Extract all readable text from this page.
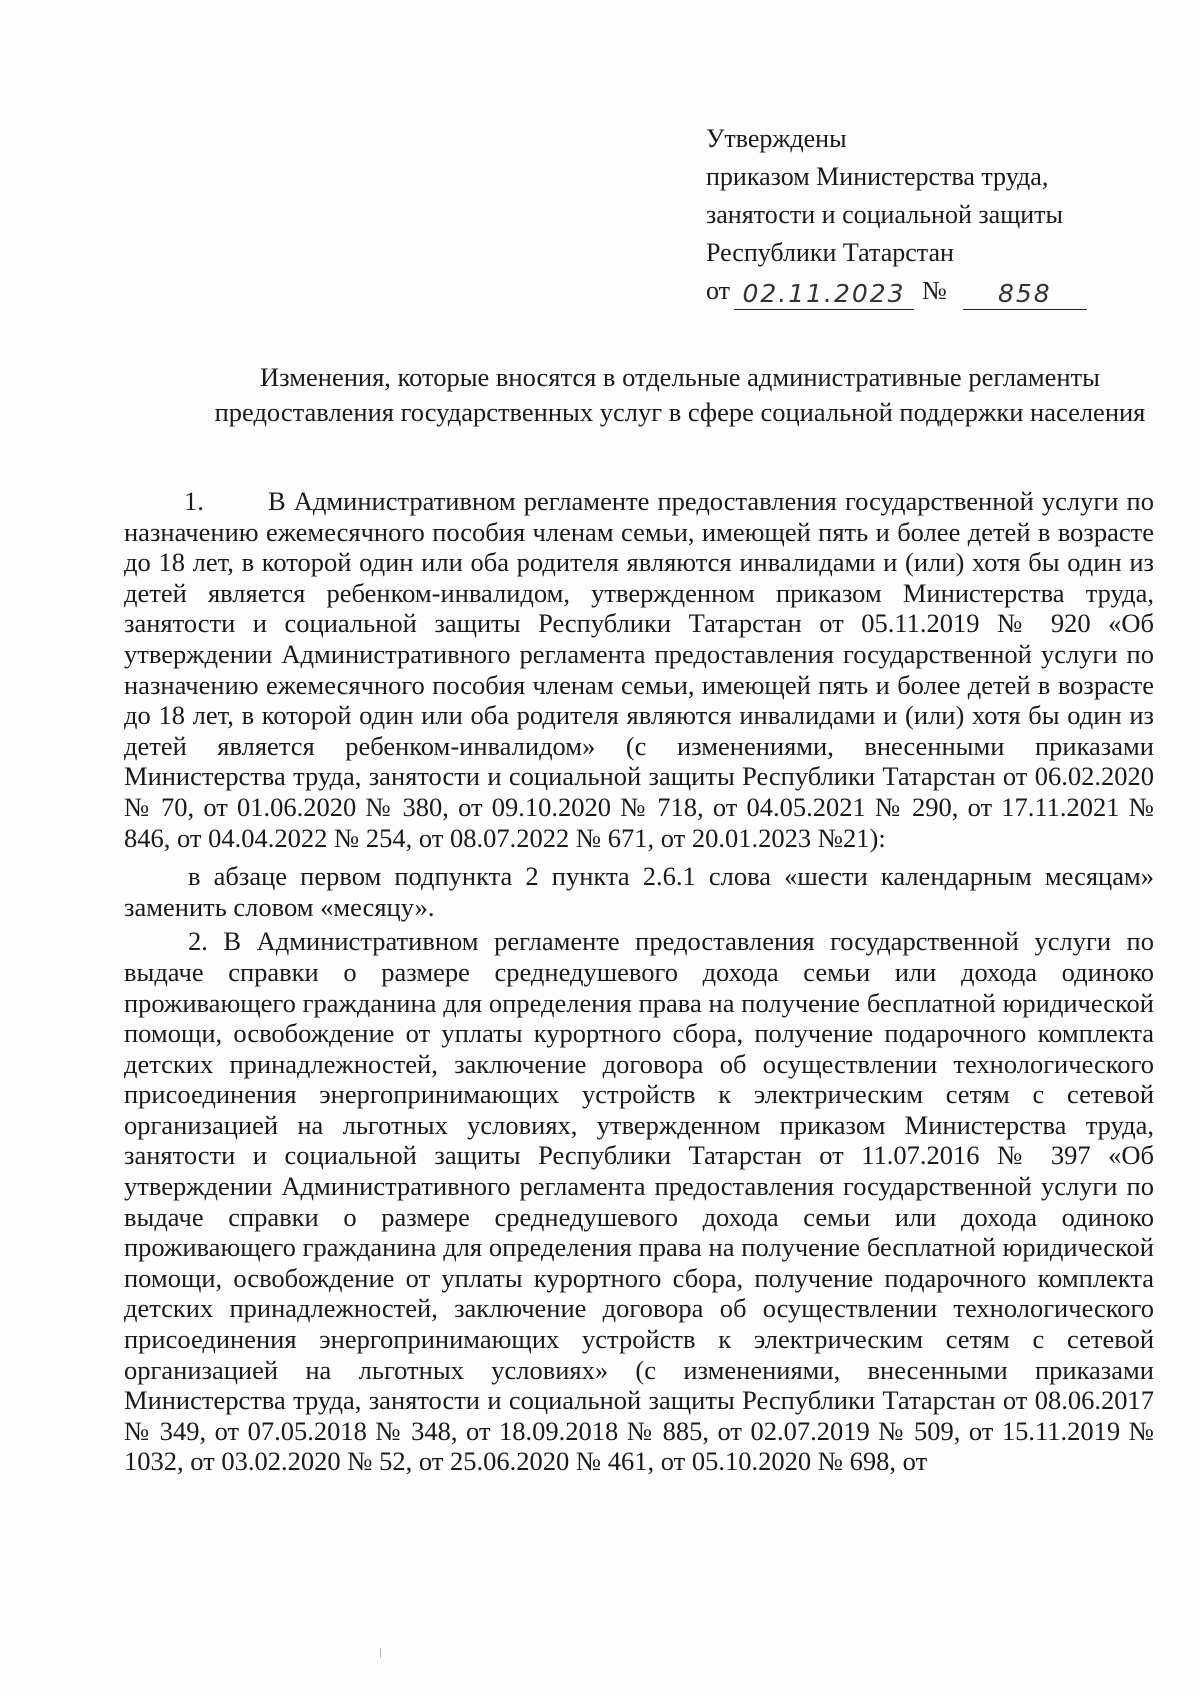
Утверждены
приказом Министерства труда,
занятости и социальной защиты
Республики Татарстан
от 02.11.2023 №	858
Изменения, которые вносятся в отдельные административные регламенты предоставления государственных услуг в сфере социальной поддержки населения

1. В Административном регламенте предоставления государственной услуги по назначению ежемесячного пособия членам семьи, имеющей пять и более детей в возрасте до 18 лет, в которой один или оба родителя являются инвалидами и (или) хотя бы один из детей является ребенком-инвалидом, утвержденном приказом Министерства труда, занятости и социальной защиты Республики Татарстан от 05.11.2019 № 920 «Об утверждении Административного регламента предоставления государственной услуги по назначению ежемесячного пособия членам семьи, имеющей пять и более детей в возрасте до 18 лет, в которой один или оба родителя являются инвалидами и (или) хотя бы один из детей является ребенком-инвалидом» (с изменениями, внесенными приказами Министерства труда, занятости и социальной защиты Республики Татарстан от 06.02.2020 № 70, от 01.06.2020 № 380, от 09.10.2020 № 718, от 04.05.2021 № 290, от 17.11.2021 № 846, от 04.04.2022 № 254, от 08.07.2022 № 671, от 20.01.2023 №21):

в абзаце первом подпункта 2 пункта 2.6.1 слова «шести календарным месяцам» заменить словом «месяцу».

2. В Административном регламенте предоставления государственной услуги по выдаче справки о размере среднедушевого дохода семьи или дохода одиноко проживающего гражданина для определения права на получение бесплатной юридической помощи, освобождение от уплаты курортного сбора, получение подарочного комплекта детских принадлежностей, заключение договора об осуществлении технологического присоединения энергопринимающих устройств к электрическим сетям с сетевой организацией на льготных условиях, утвержденном приказом Министерства труда, занятости и социальной защиты Республики Татарстан от 11.07.2016 № 397 «Об утверждении Административного регламента предоставления государственной услуги по выдаче справки о размере среднедушевого дохода семьи или дохода одиноко проживающего гражданина для определения права на получение бесплатной юридической помощи, освобождение от уплаты курортного сбора, получение подарочного комплекта детских принадлежностей, заключение договора об осуществлении технологического присоединения энергопринимающих устройств к электрическим сетям с сетевой организацией на льготных условиях» (с изменениями, внесенными приказами Министерства труда, занятости и социальной защиты Республики Татарстан от 08.06.2017 № 349, от 07.05.2018 № 348, от 18.09.2018 № 885, от 02.07.2019 № 509, от 15.11.2019 № 1032, от 03.02.2020 № 52, от 25.06.2020 № 461, от 05.10.2020 № 698, от
